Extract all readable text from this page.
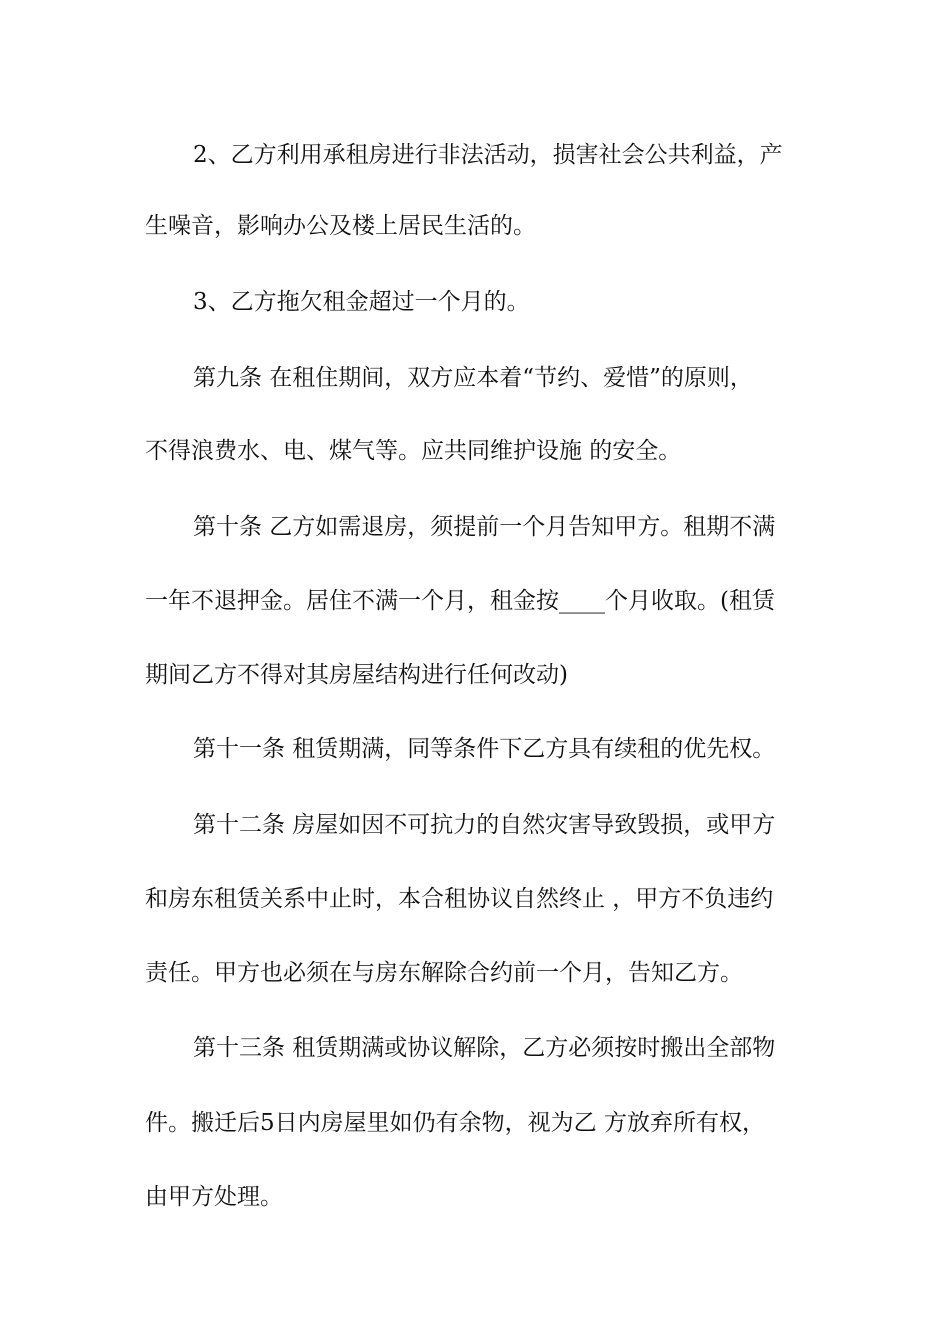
2、乙方利用承租房进行非法活动，损害社会公共利益，产
生噪音，影响办公及楼上居民生活的。
3、乙方拖欠租金超过一个月的。
第九条 在租住期间，双方应本着“节约、爱惜”的原则，
不得浪费水、电、煤气等。应共同维护设施 的安全。
第十条 乙方如需退房，须提前一个月告知甲方。租期不满
一年不退押金。居住不满一个月，租金按____个月收取。(租赁
期间乙方不得对其房屋结构进行任何改动)
第十一条 租赁期满，同等条件下乙方具有续租的优先权。
第十二条 房屋如因不可抗力的自然灾害导致毁损，或甲方
和房东租赁关系中止时，本合租协议自然终止 ，甲方不负违约
责任。甲方也必须在与房东解除合约前一个月，告知乙方。
第十三条 租赁期满或协议解除，乙方必须按时搬出全部物
件。搬迁后5日内房屋里如仍有余物，视为乙 方放弃所有权，
由甲方处理。
